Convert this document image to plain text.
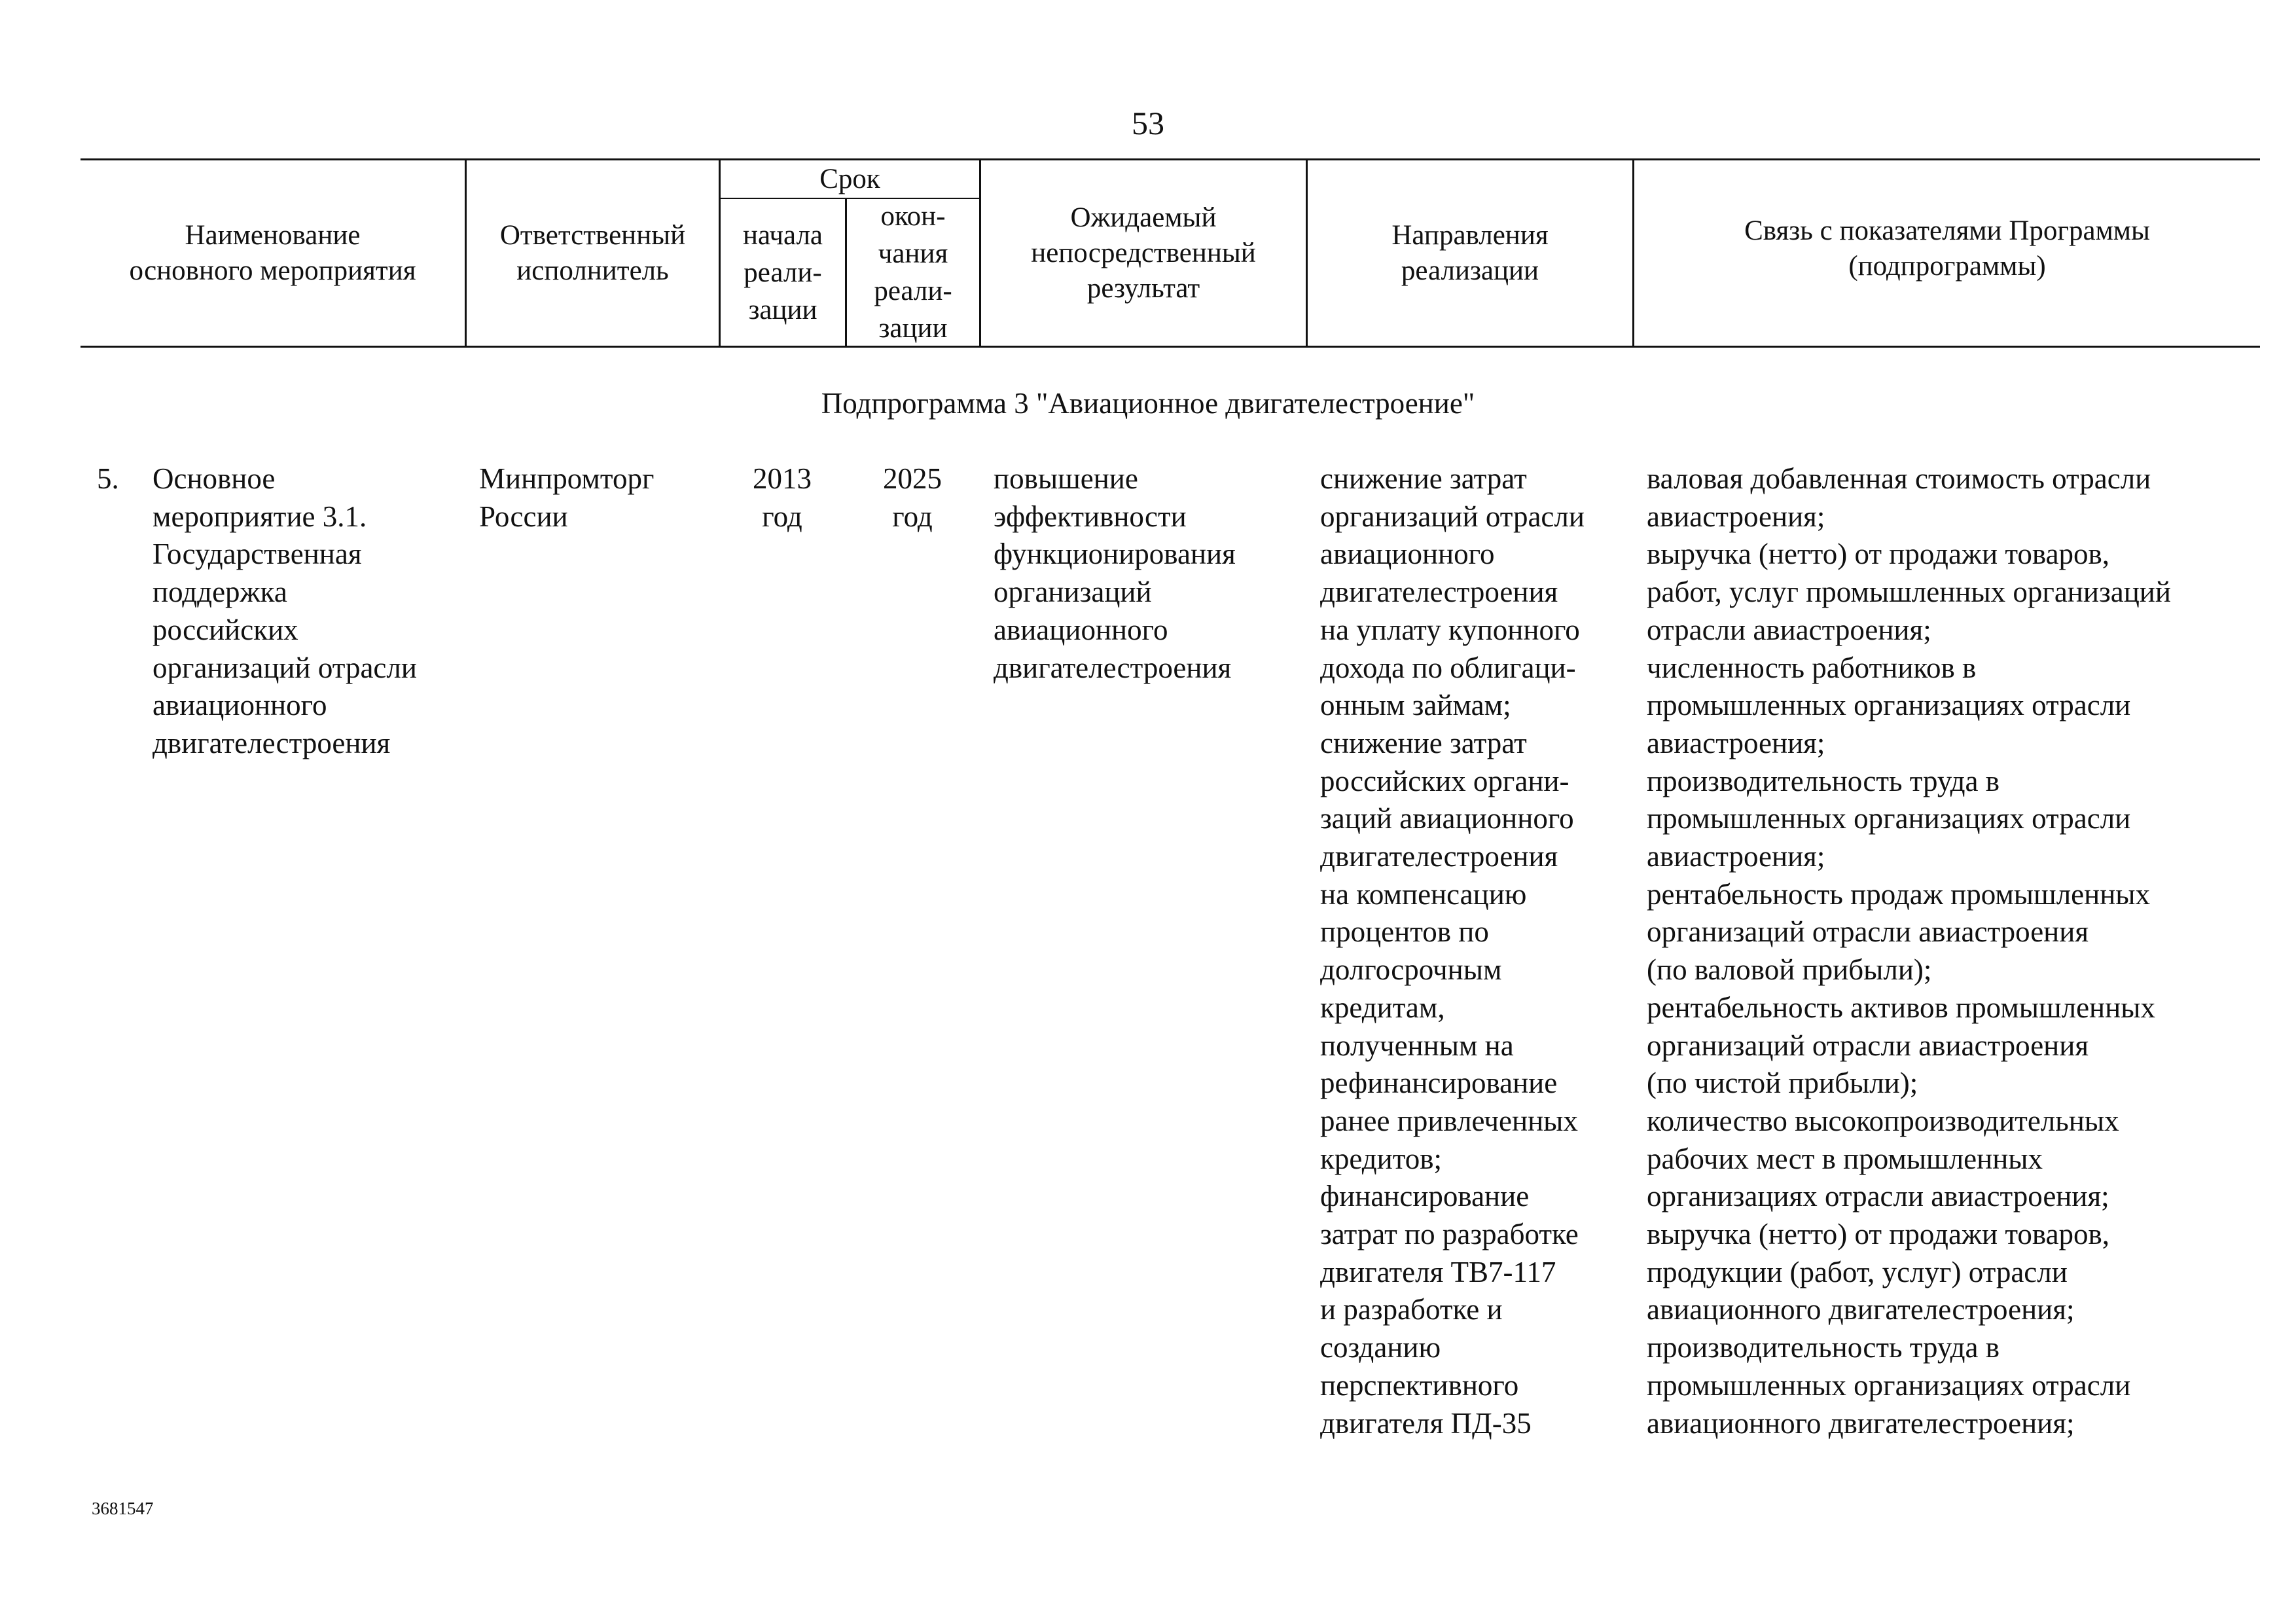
53
Наименование
основного мероприятия
Ответственный
исполнитель
Срок
начала
реали-
зации
окон-
чания
реали-
зации
Ожидаемый
непосредственный
результат
Направления
реализации
Связь с показателями Программы
(подпрограммы)
Подпрограмма 3 "Авиационное двигателестроение"
5. Основное
мероприятие 3.1.
Государственная
поддержка
российских
организаций отрасли
авиационного
двигателестроения
Минпромторг
России
2013
год
2025
год
повышение
эффективности
функционирования
организаций
авиационного
двигателестроения
снижение затрат
организаций отрасли
авиационного
двигателестроения
на уплату купонного
дохода по облигаци-
онным займам;
снижение затрат
российских органи-
заций авиационного
двигателестроения
на компенсацию
процентов по
долгосрочным
кредитам,
полученным на
рефинансирование
ранее привлеченных
кредитов;
финансирование
затрат по разработке
двигателя ТВ7-117
и разработке и
созданию
перспективного
двигателя ПД-35
валовая добавленная стоимость отрасли
авиастроения;
выручка (нетто) от продажи товаров,
работ, услуг промышленных организаций
отрасли авиастроения;
численность работников в
промышленных организациях отрасли
авиастроения;
производительность труда в
промышленных организациях отрасли
авиастроения;
рентабельность продаж промышленных
организаций отрасли авиастроения
(по валовой прибыли);
рентабельность активов промышленных
организаций отрасли авиастроения
(по чистой прибыли);
количество высокопроизводительных
рабочих мест в промышленных
организациях отрасли авиастроения;
выручка (нетто) от продажи товаров,
продукции (работ, услуг) отрасли
авиационного двигателестроения;
производительность труда в
промышленных организациях отрасли
авиационного двигателестроения;
3681547
